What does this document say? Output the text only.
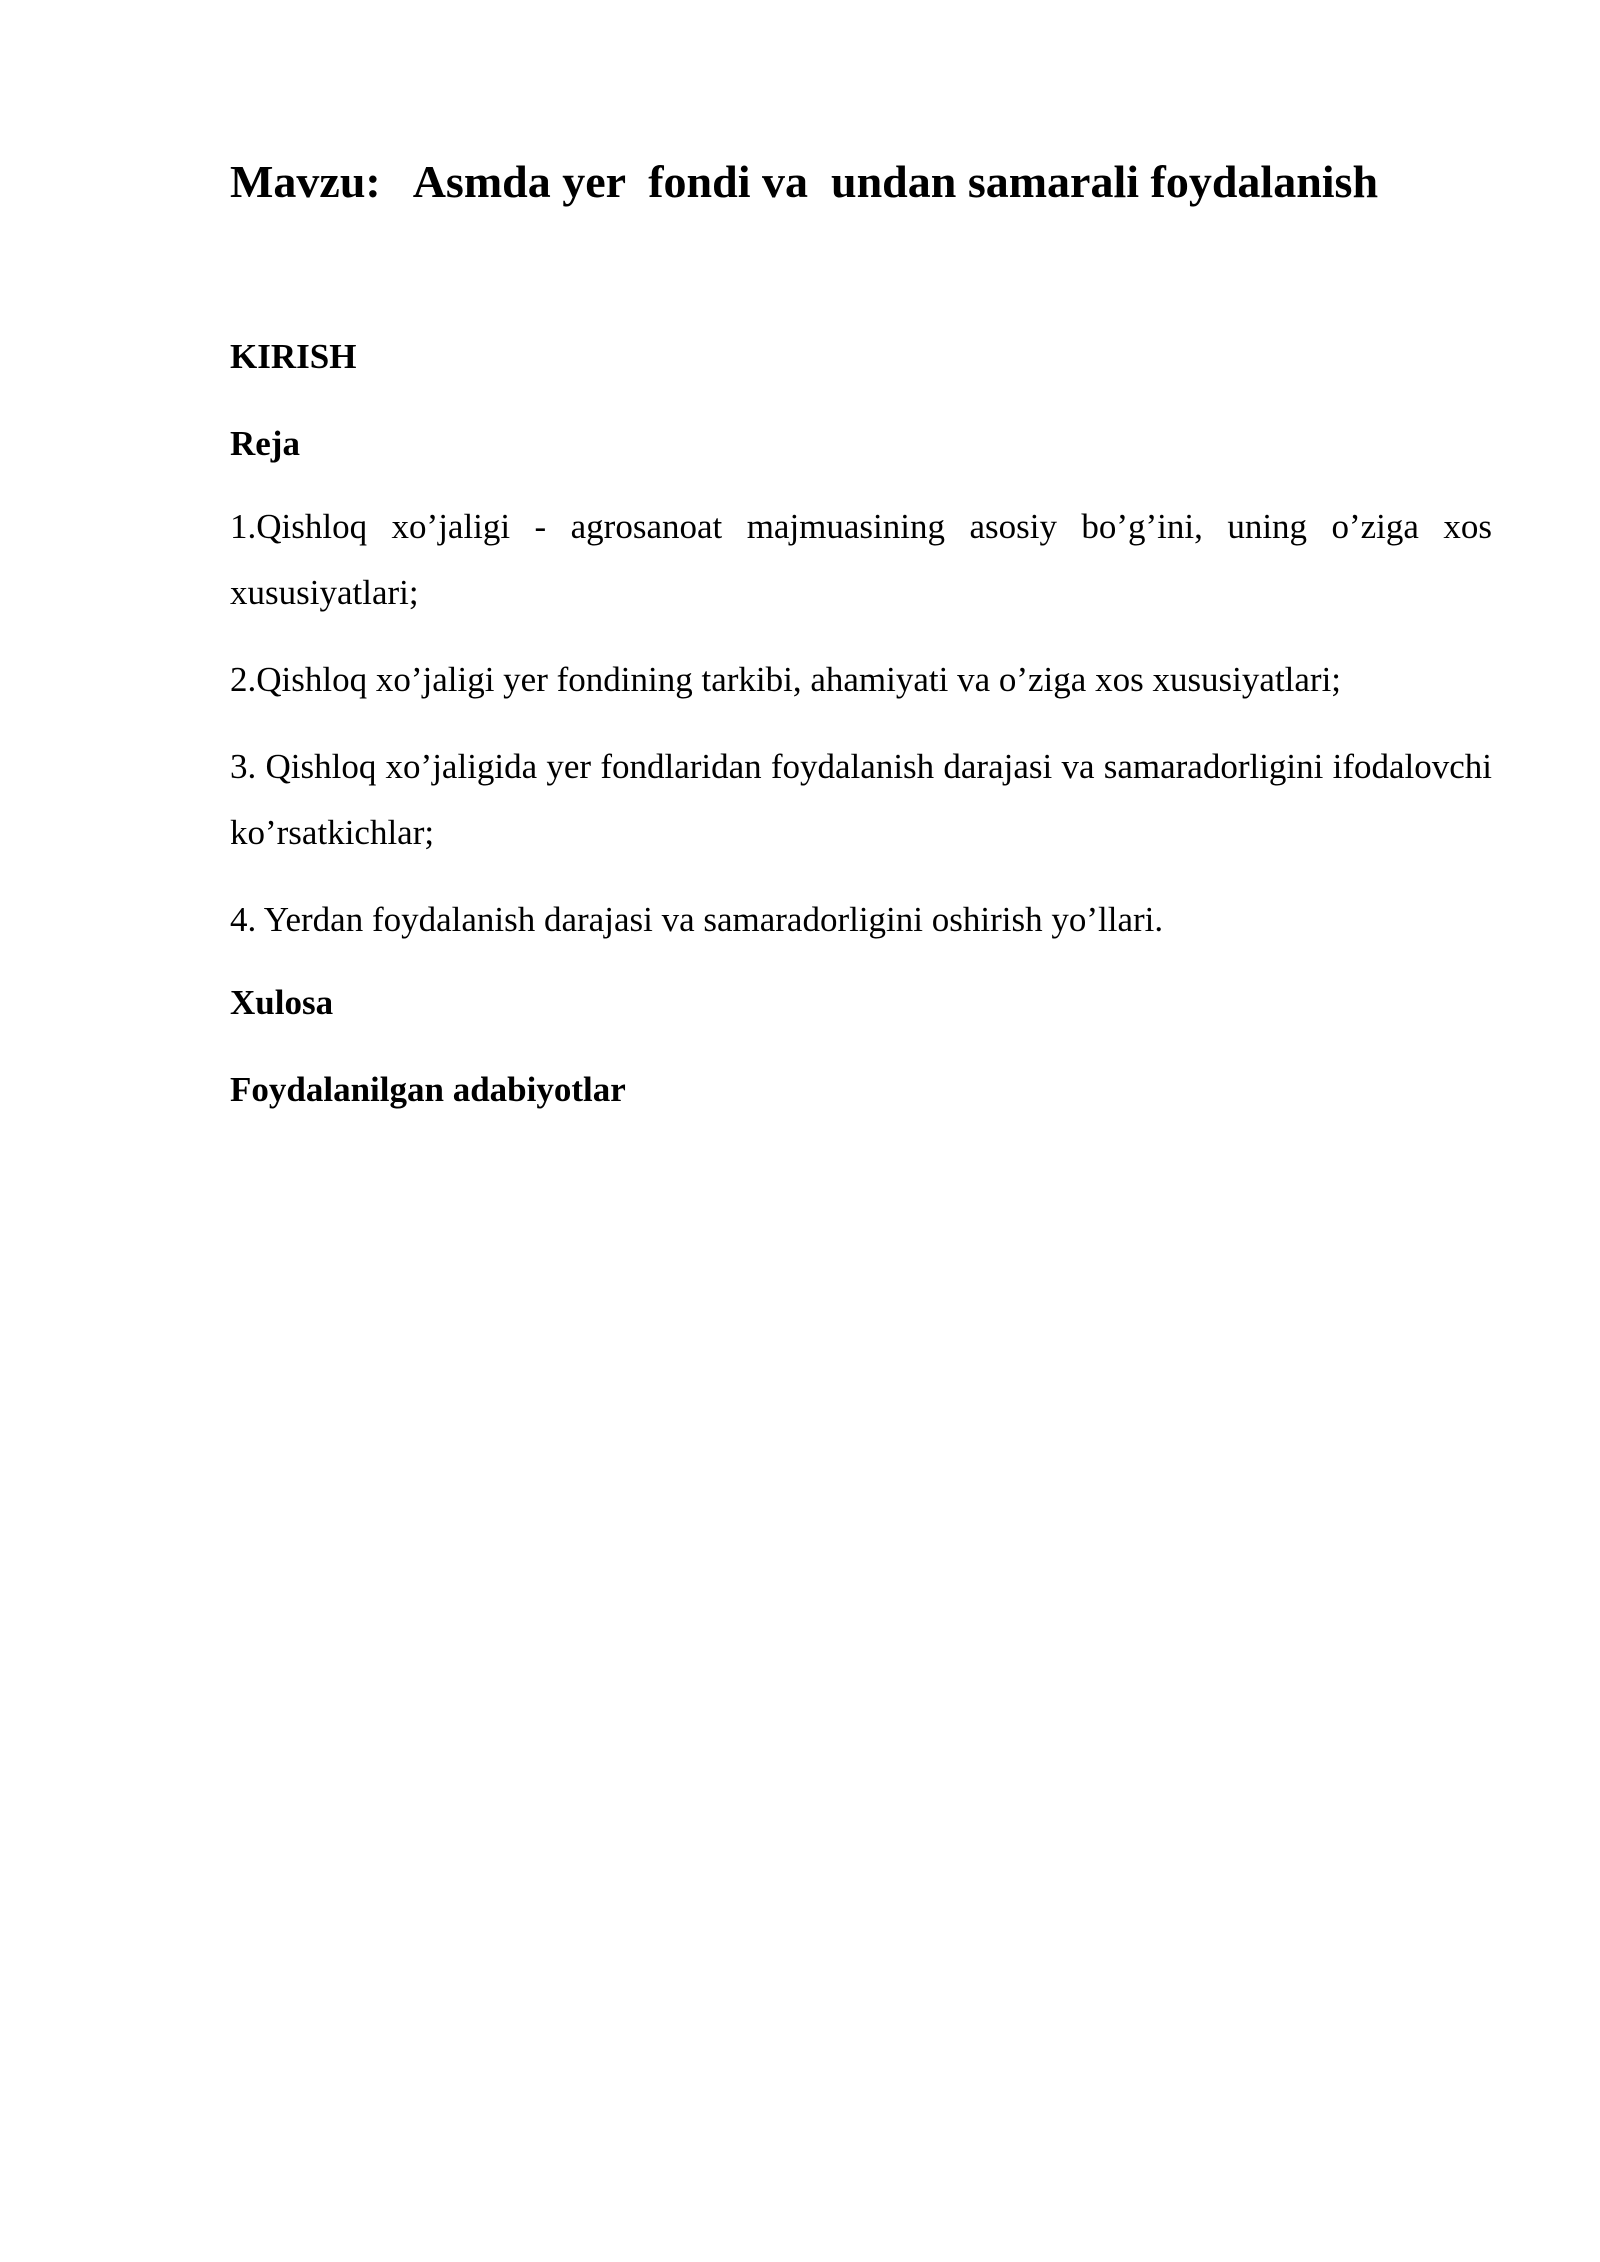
Mavzu:   Asmda yer  fondi va  undan samarali foydalanish
KIRISH
Reja
1.Qishloq xo’jaligi - agrosanoat majmuasining asosiy bo’g’ini, uning o’ziga xos xususiyatlari;
2.Qishloq xo’jaligi yer fondining tarkibi, ahamiyati va o’ziga xos xususiyatlari;
3. Qishloq xo’jaligida yer fondlaridan foydalanish darajasi va samaradorligini ifodalovchi ko’rsatkichlar;
4. Yerdan foydalanish darajasi va samaradorligini oshirish yo’llari.
Xulosa
Foydalanilgan adabiyotlar
